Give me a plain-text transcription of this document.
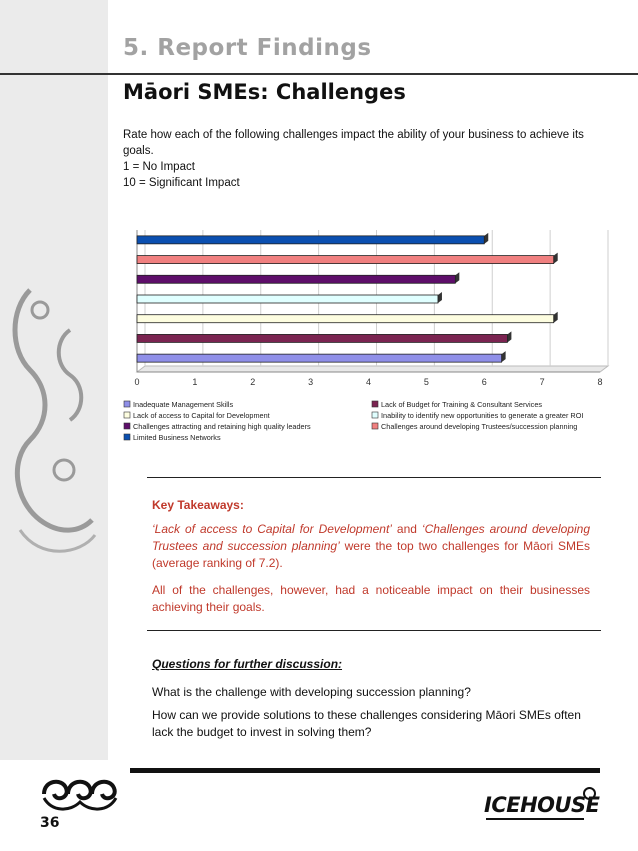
5. Report Findings
Māori SMEs: Challenges
Rate how each of the following challenges impact the ability of your business to achieve its goals.
1 = No Impact
10 = Significant Impact
0	1	2	3	4	5	6	7	8
Inadequate Management Skills	Lack of Budget for Training & Consultant Services
Lack of access to Capital for Development	Inability to identify new opportunities to generate a greater ROI
Challenges attracting and retaining high quality leaders	Challenges around developing Trustees/succession planning
Limited Business Networks
Key Takeaways:
‘Lack of access to Capital for Development’ and ‘Challenges around developing Trustees and succession planning’ were the top two challenges for Māori SMEs (average ranking of 7.2).
All of the challenges, however, had a noticeable impact on their businesses achieving their goals.
Questions for further discussion:
What is the challenge with developing succession planning?
How can we provide solutions to these challenges considering Māori SMEs often lack the budget to invest in solving them?
36
ICEHOUSE
